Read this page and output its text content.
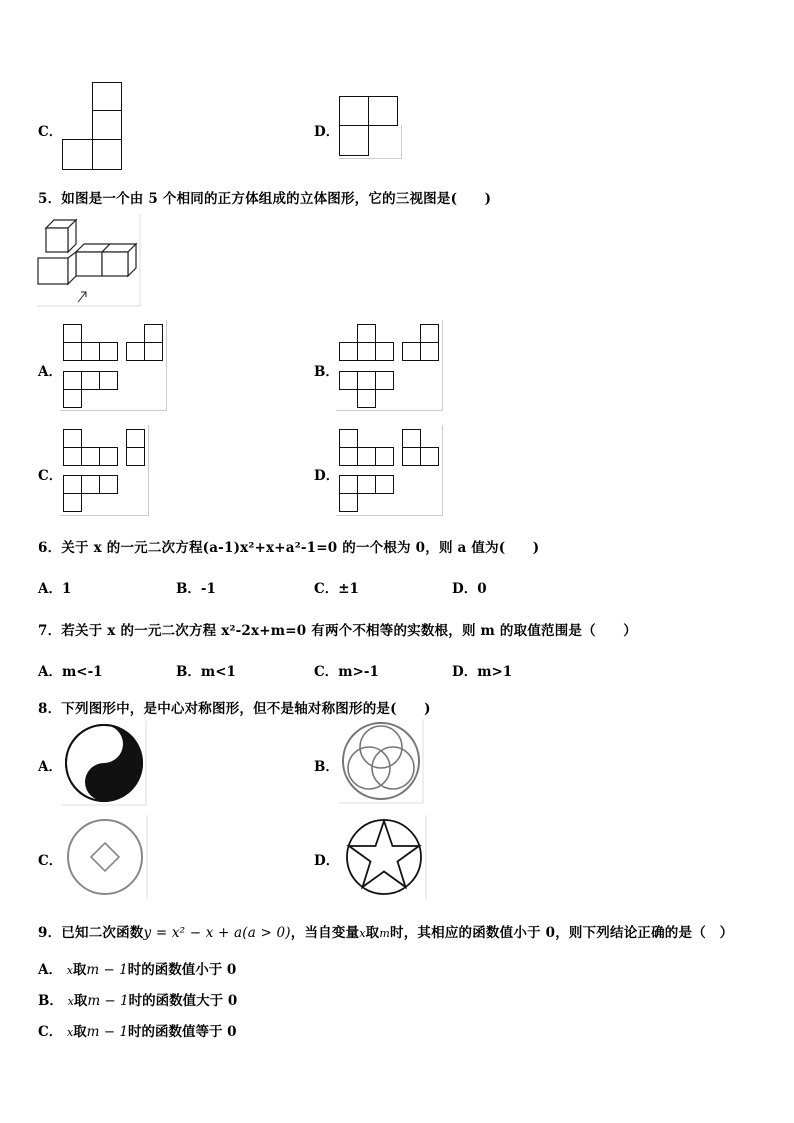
C．	D．
5．如图是一个由 5 个相同的正方体组成的立体图形，它的三视图是(　　)
A．	B．
C．	D．
6．关于 x 的一元二次方程(a-1)x²+x+a²-1=0 的一个根为 0，则 a 值为(　　)
A．1	B．-1	C．±1	D．0
7．若关于 x 的一元二次方程 x²-2x+m=0 有两个不相等的实数根，则 m 的取值范围是（　　）
A．m<-1	B．m<1	C．m>-1	D．m>1
8．下列图形中，是中心对称图形，但不是轴对称图形的是(　　)
A．	B．
C．	D．
9．已知二次函数y = x² − x + a(a > 0)，当自变量x取m时，其相应的函数值小于 0，则下列结论正确的是（　）
A． x取m − 1时的函数值小于 0
B． x取m − 1时的函数值大于 0
C． x取m − 1时的函数值等于 0
